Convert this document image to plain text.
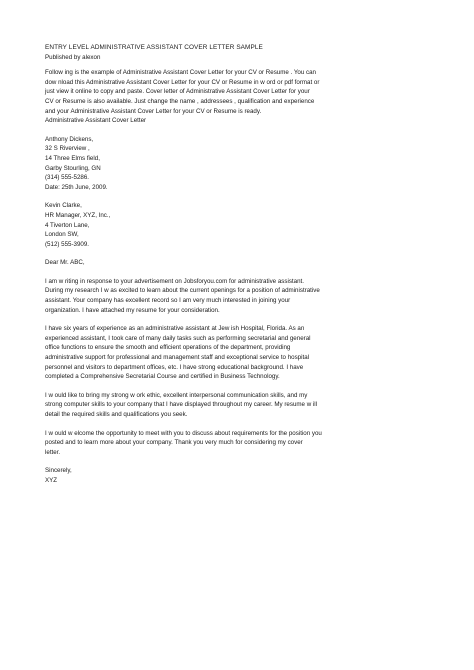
ENTRY LEVEL ADMINISTRATIVE ASSISTANT COVER LETTER SAMPLE

Published by alexon

Follow ing is the example of Administrative Assistant Cover Letter for your CV or Resume . You can
dow nload this Administrative Assistant Cover Letter for your CV or Resume in w ord or pdf format or
just view it online to copy and paste. Cover letter of Administrative Assistant Cover Letter for your
CV or Resume is also available. Just change the name , addressees , qualification and experience
and your Administrative Assistant Cover Letter for your CV or Resume is ready.
Administrative Assistant Cover Letter
Anthony Dickens,
32 S Riverview ,
14 Three Elms field,
Garby Stourling, GN
(314) 555-5286.
Date: 25th June, 2009.
Kevin Clarke,
HR Manager, XYZ, Inc.,
4 Tiverton Lane,
London SW,
(512) 555-3909.

Dear Mr. ABC,

I am w riting in response to your advertisement on Jobsforyou.com for administrative assistant.
During my research I w as excited to learn about the current openings for a position of administrative
assistant. Your company has excellent record so I am very much interested in joining your
organization. I have attached my resume for your consideration.
I have six years of experience as an administrative assistant at Jew ish Hospital, Florida. As an
experienced assistant, I took care of many daily tasks such as performing secretarial and general
office functions to ensure the smooth and efficient operations of the department, providing
administrative support for professional and management staff and exceptional service to hospital
personnel and visitors to department offices, etc. I have strong educational background. I have
completed a Comprehensive Secretarial Course and certified in Business Technology.
I w ould like to bring my strong w ork ethic, excellent interpersonal communication skills, and my
strong computer skills to your company that I have displayed throughout my career. My resume w ill
detail the required skills and qualifications you seek.
I w ould w elcome the opportunity to meet with you to discuss about requirements for the position you
posted and to learn more about your company. Thank you very much for considering my cover
letter.

Sincerely,

XYZ
